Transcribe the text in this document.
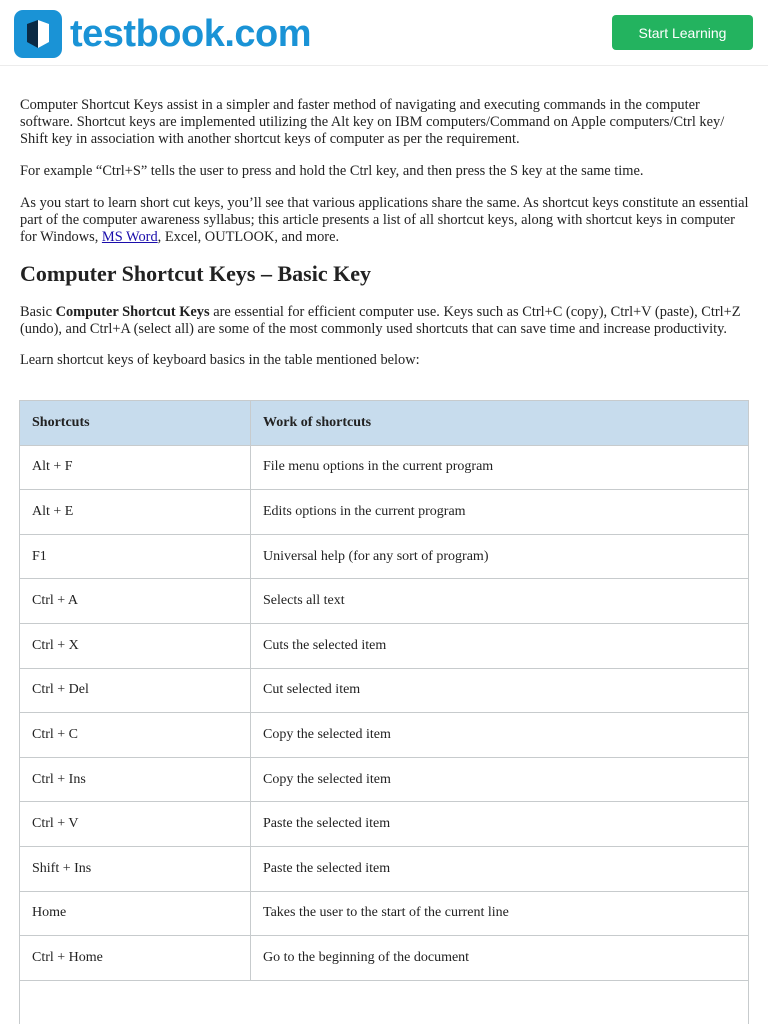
testbook.com	Start Learning

Computer Shortcut Keys assist in a simpler and faster method of navigating and executing commands in the computer software. Shortcut keys are implemented utilizing the Alt key on IBM computers/Command on Apple computers/Ctrl key/ Shift key in association with another shortcut keys of computer as per the requirement.

For example “Ctrl+S” tells the user to press and hold the Ctrl key, and then press the S key at the same time.

As you start to learn short cut keys, you’ll see that various applications share the same. As shortcut keys constitute an essential part of the computer awareness syllabus; this article presents a list of all shortcut keys, along with shortcut keys in computer for Windows, MS Word, Excel, OUTLOOK, and more.

Computer Shortcut Keys – Basic Key

Basic Computer Shortcut Keys are essential for efficient computer use. Keys such as Ctrl+C (copy), Ctrl+V (paste), Ctrl+Z (undo), and Ctrl+A (select all) are some of the most commonly used shortcuts that can save time and increase productivity.

Learn shortcut keys of keyboard basics in the table mentioned below:

Shortcuts	Work of shortcuts
Alt + F	File menu options in the current program
Alt + E	Edits options in the current program
F1	Universal help (for any sort of program)
Ctrl + A	Selects all text
Ctrl + X	Cuts the selected item
Ctrl + Del	Cut selected item
Ctrl + C	Copy the selected item
Ctrl + Ins	Copy the selected item
Ctrl + V	Paste the selected item
Shift + Ins	Paste the selected item
Home	Takes the user to the start of the current line
Ctrl + Home	Go to the beginning of the document
